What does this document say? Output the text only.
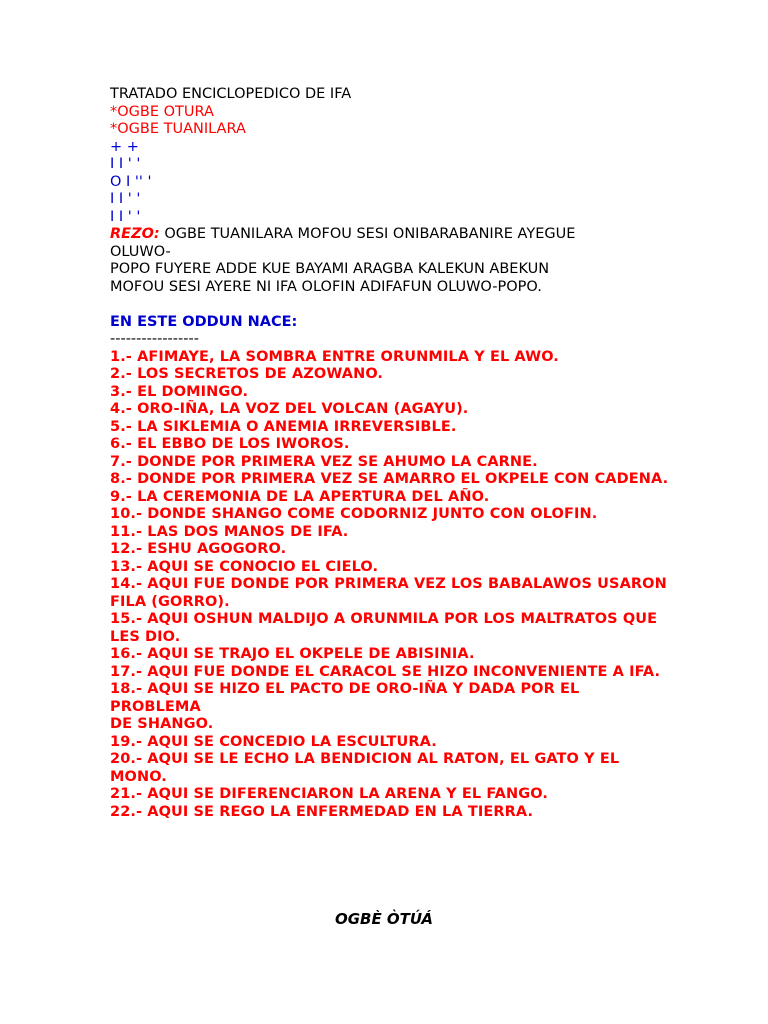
TRATADO ENCICLOPEDICO DE IFA
*OGBE OTURA
*OGBE TUANILARA
+ +
I I ' '
O I '' '
I I ' '
I I ' '
REZO: OGBE TUANILARA MOFOU SESI ONIBARABANIRE AYEGUE
OLUWO-
POPO FUYERE ADDE KUE BAYAMI ARAGBA KALEKUN ABEKUN
MOFOU SESI AYERE NI IFA OLOFIN ADIFAFUN OLUWO-POPO.
EN ESTE ODDUN NACE:
-----------------
1.- AFIMAYE, LA SOMBRA ENTRE ORUNMILA Y EL AWO.
2.- LOS SECRETOS DE AZOWANO.
3.- EL DOMINGO.
4.- ORO-IÑA, LA VOZ DEL VOLCAN (AGAYU).
5.- LA SIKLEMIA O ANEMIA IRREVERSIBLE.
6.- EL EBBO DE LOS IWOROS.
7.- DONDE POR PRIMERA VEZ SE AHUMO LA CARNE.
8.- DONDE POR PRIMERA VEZ SE AMARRO EL OKPELE CON CADENA.
9.- LA CEREMONIA DE LA APERTURA DEL AÑO.
10.- DONDE SHANGO COME CODORNIZ JUNTO CON OLOFIN.
11.- LAS DOS MANOS DE IFA.
12.- ESHU AGOGORO.
13.- AQUI SE CONOCIO EL CIELO.
14.- AQUI FUE DONDE POR PRIMERA VEZ LOS BABALAWOS USARON
FILA (GORRO).
15.- AQUI OSHUN MALDIJO A ORUNMILA POR LOS MALTRATOS QUE
LES DIO.
16.- AQUI SE TRAJO EL OKPELE DE ABISINIA.
17.- AQUI FUE DONDE EL CARACOL SE HIZO INCONVENIENTE A IFA.
18.- AQUI SE HIZO EL PACTO DE ORO-IÑA Y DADA POR EL PROBLEMA
DE SHANGO.
19.- AQUI SE CONCEDIO LA ESCULTURA.
20.- AQUI SE LE ECHO LA BENDICION AL RATON, EL GATO Y EL MONO.
21.- AQUI SE DIFERENCIARON LA ARENA Y EL FANGO.
22.- AQUI SE REGO LA ENFERMEDAD EN LA TIERRA.
OGBÈ ÒTÚÁ
